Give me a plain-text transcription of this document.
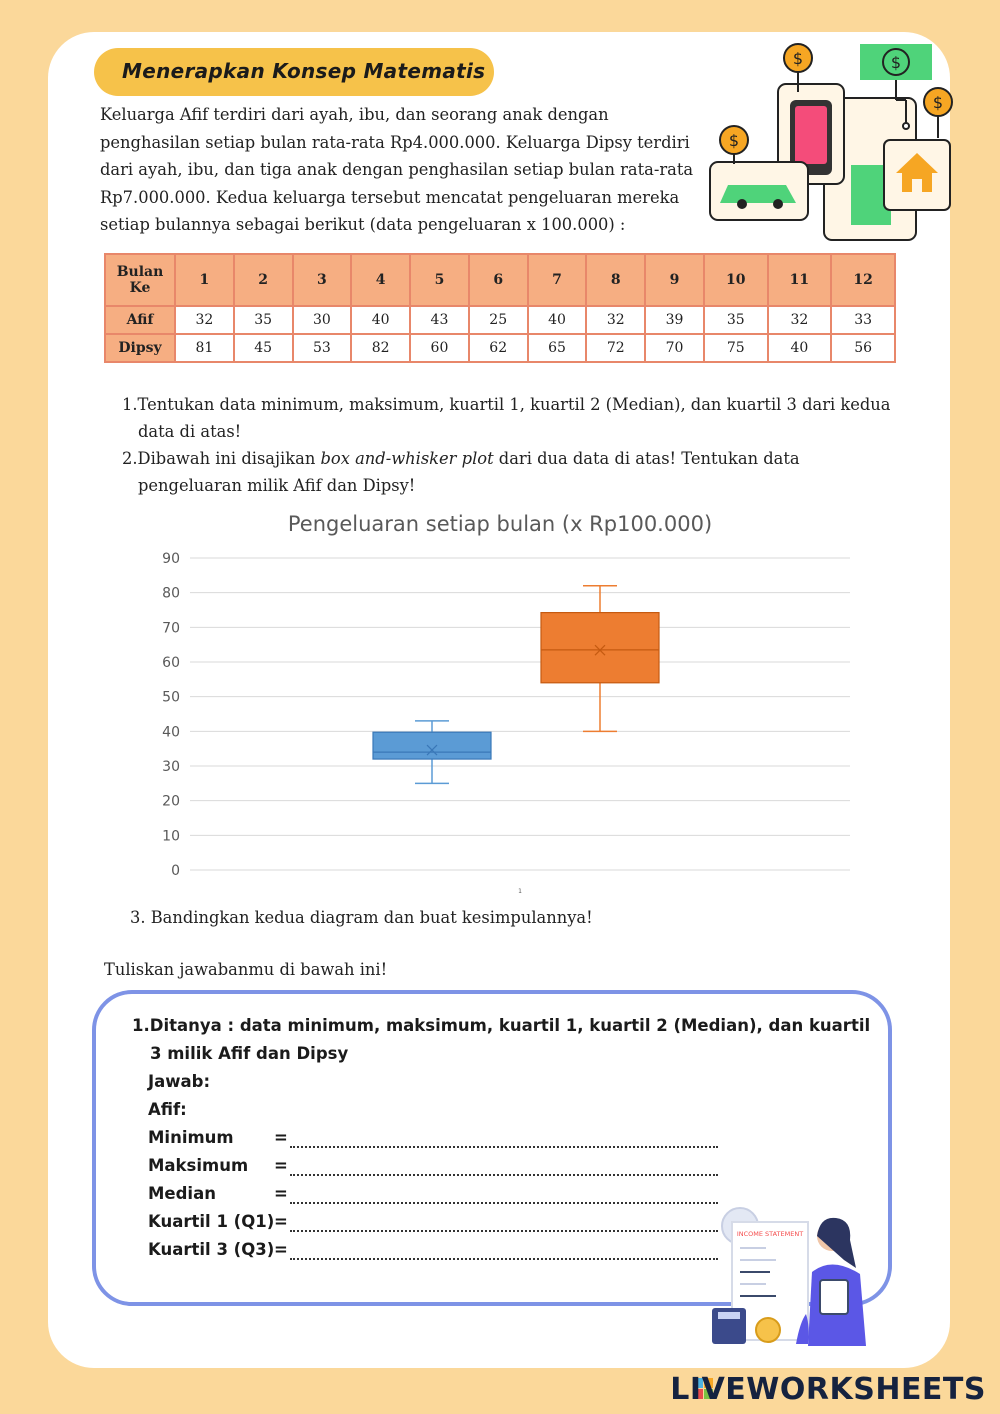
Menerapkan Konsep Matematis

Keluarga Afif terdiri dari ayah, ibu, dan seorang anak dengan penghasilan setiap bulan rata-rata Rp4.000.000. Keluarga Dipsy terdiri dari ayah, ibu, dan tiga anak dengan penghasilan setiap bulan rata-rata Rp7.000.000. Kedua keluarga tersebut mencatat pengeluaran mereka setiap bulannya sebagai berikut (data pengeluaran x 100.000) :

$
$
$
$
Bulan
Ke	1	2	3	4	5	6	7	8	9	10	11	12
Afif	32	35	30	40	43	25	40	32	39	35	32	33
Dipsy	81	45	53	82	60	62	65	72	70	75	40	56
1.Tentukan data minimum, maksimum, kuartil 1, kuartil 2 (Median), dan kuartil 3 dari kedua
data di atas!
2.Dibawah ini disajikan box and-whisker plot dari dua data di atas! Tentukan data
pengeluaran milik Afif dan Dipsy!
Pengeluaran setiap bulan (x Rp100.000)
0
10
20
30
40
50
60
70
80
90
1
3. Bandingkan kedua diagram dan buat kesimpulannya!
Tuliskan jawabanmu di bawah ini!
1.Ditanya : data minimum, maksimum, kuartil 1, kuartil 2 (Median), dan kuartil
3 milik Afif dan Dipsy
Jawab:
Afif:
Minimum =
Maksimum =
Median	=
Kuartil 1 (Q1) =
Kuartil 3 (Q3) =
INCOME STATEMENT
LIVEWORKSHEETS
